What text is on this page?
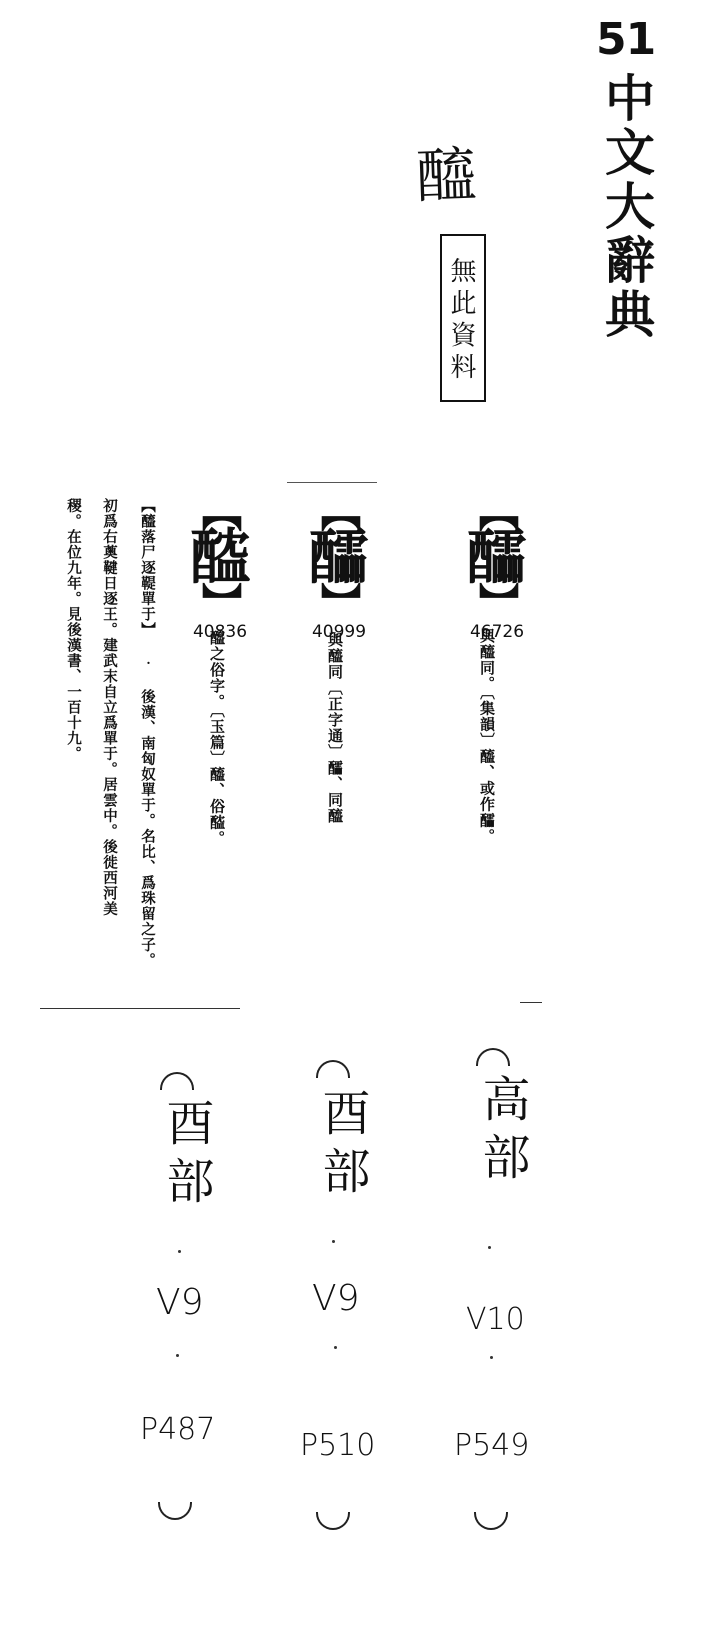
51
中文大辭典
醯
無此資料
【
醽
】
46726
與醯同。〔集韻〕醯、或作醽。
【
醽
】
40999
與醯同〔正字通〕醽、同醯
【
醓
】
40836
醯之俗字。〔玉篇〕醯、俗醓。
【醯落尸逐鞮單于】 ‧ 後漢、南匈奴單于。名比、爲珠留之子。
初爲右薁鞬日逐王。建武末自立爲單于。居雲中。後徙西河美
稷。在位九年。見後漢書、一百十九。
酉部
V9
P487
酉部
V9
P510
高部
V10
P549
